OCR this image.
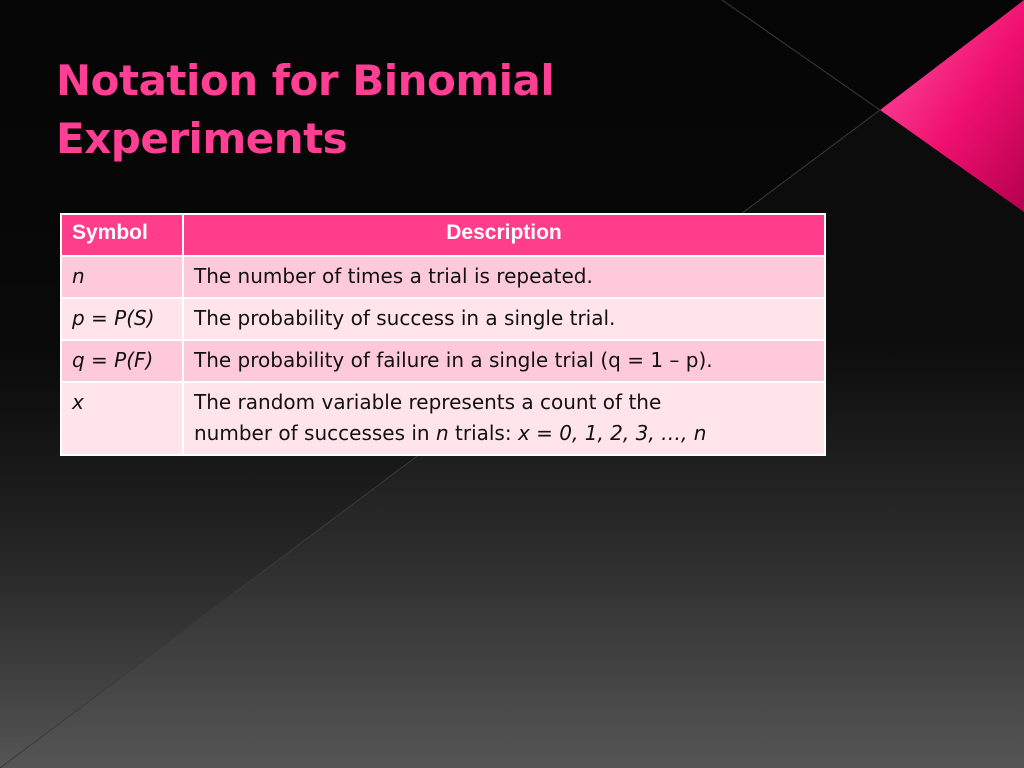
Notation for Binomial
Experiments
Symbol	Description
n	The number of times a trial is repeated.
p = P(S)	The probability of success in a single trial.
q = P(F)	The probability of failure in a single trial (q = 1 – p).
x	The random variable represents a count of the
number of successes in n trials: x = 0, 1, 2, 3, …, n
